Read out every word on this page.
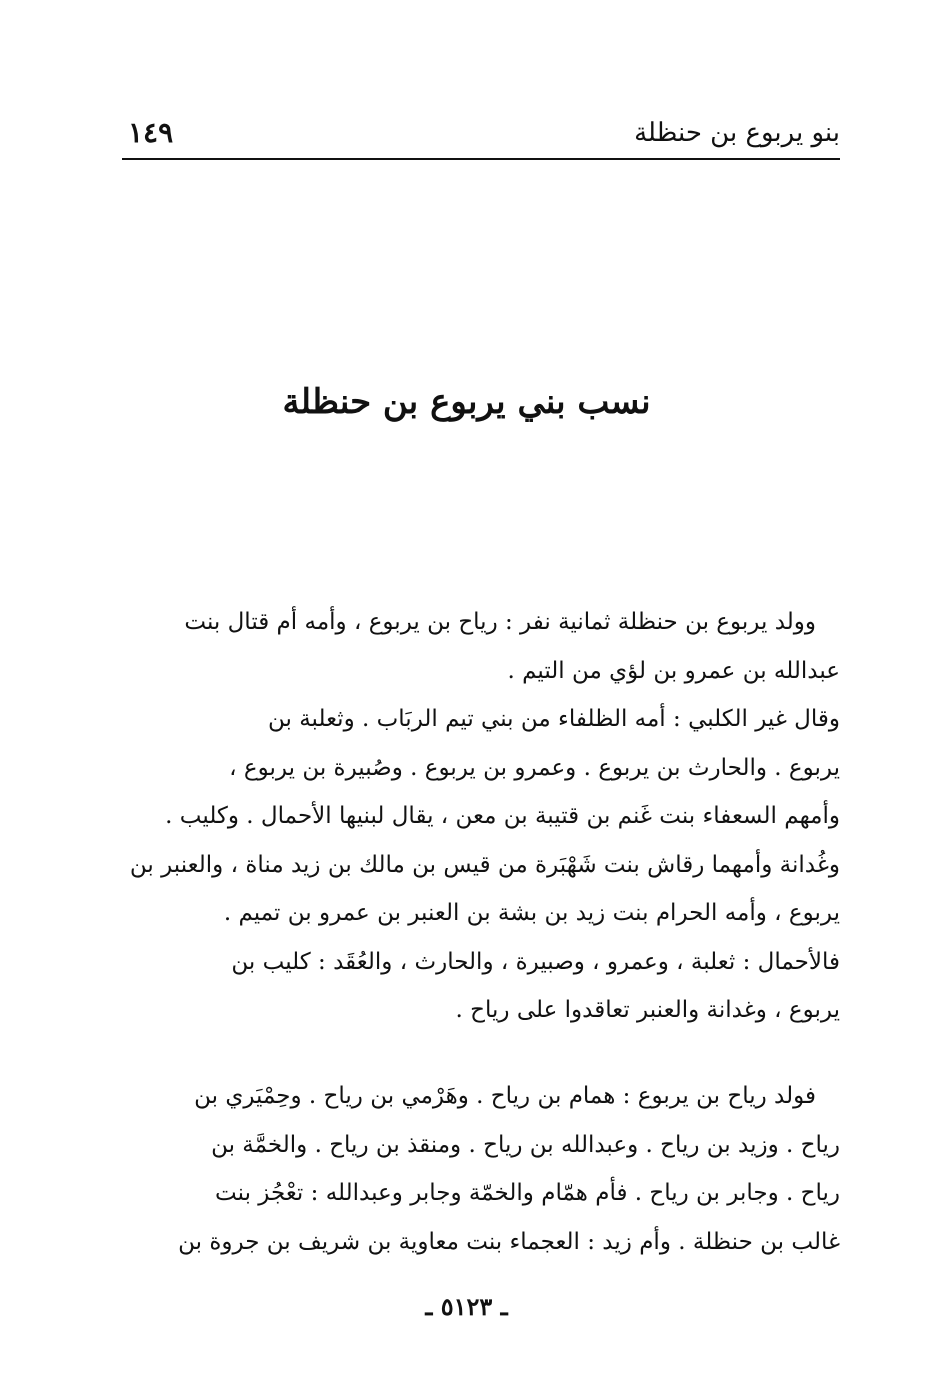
بنو يربوع بن حنظلة
١٤٩
نسب بني يربوع بن حنظلة
وولد يربوع بن حنظلة ثمانية نفر : رياح بن يربوع ، وأمه أم قتال بنت
عبدالله بن عمرو بن لؤي من التيم .
وقال غير الكلبي : أمه الظلفاء من بني تيم الربَاب . وثعلبة بن
يربوع . والحارث بن يربوع . وعمرو بن يربوع . وصُبيرة بن يربوع ،
وأمهم السعفاء بنت غَنم بن قتيبة بن معن ، يقال لبنيها الأحمال . وكليب .
وغُدانة وأمهما رقاش بنت شَهْبَرة من قيس بن مالك بن زيد مناة ، والعنبر بن
يربوع ، وأمه الحرام بنت زيد بن بشة بن العنبر بن عمرو بن تميم .
فالأحمال : ثعلبة ، وعمرو ، وصبيرة ، والحارث ، والعُقَد : كليب بن
يربوع ، وغدانة والعنبر تعاقدوا على رياح .
فولد رياح بن يربوع : همام بن رياح . وهَرْمي بن رياح . وحِمْيَري بن
رياح . وزيد بن رياح . وعبدالله بن رياح . ومنقذ بن رياح . والخمَّة بن
رياح . وجابر بن رياح . فأم همّام والخمّة وجابر وعبدالله : تعْجُز بنت
غالب بن حنظلة . وأم زيد : العجماء بنت معاوية بن شريف بن جروة بن
ـ ٥١٢٣ ـ
